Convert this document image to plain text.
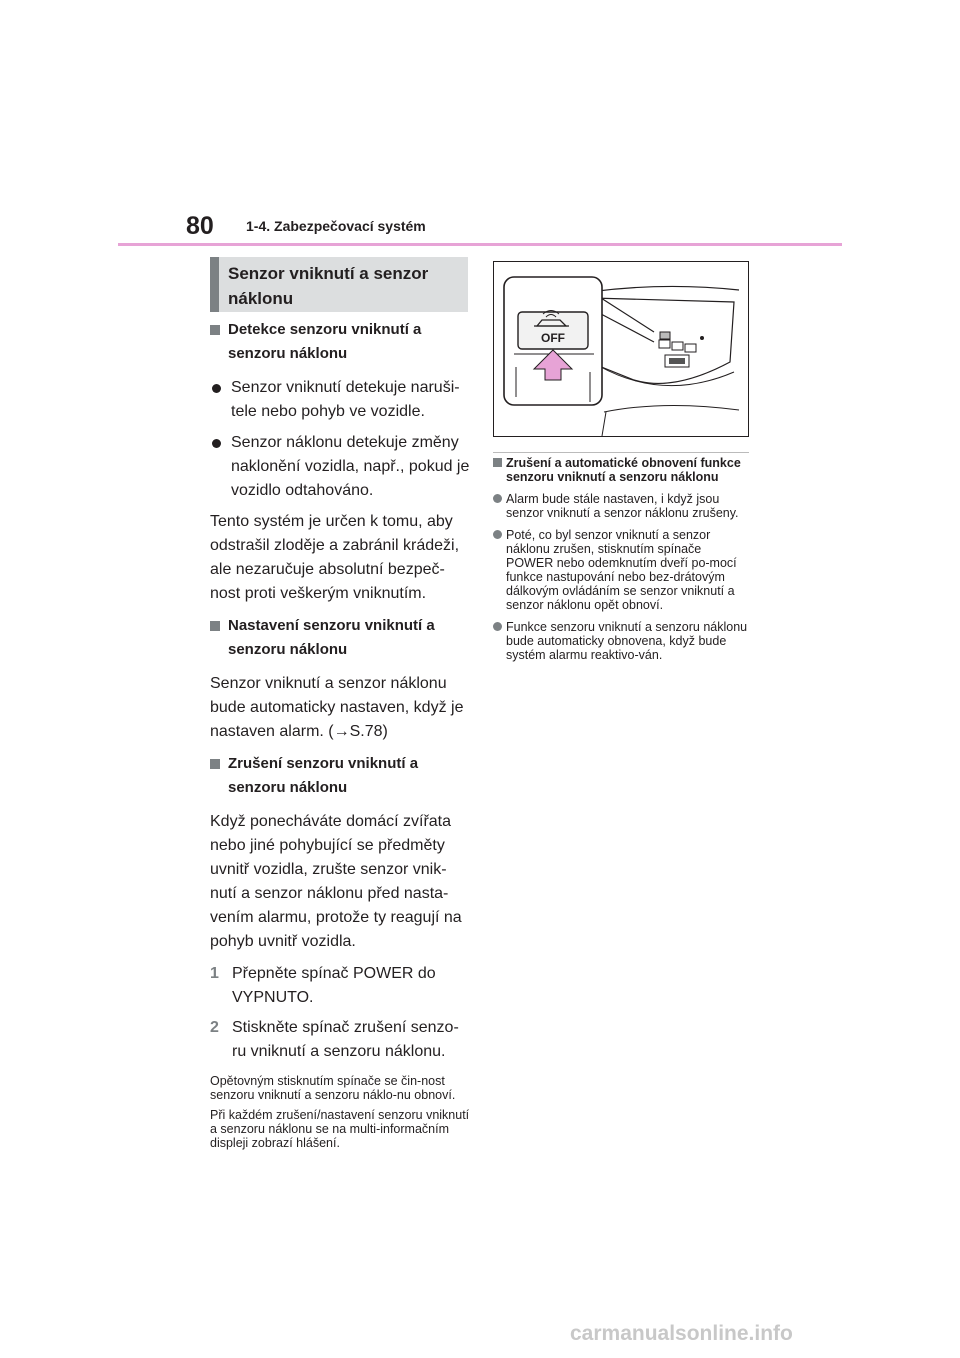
80 1-4. Zabezpečovací systém
Senzor vniknutí a senzor náklonu
Detekce senzoru vniknutí a senzoru náklonu
Senzor vniknutí detekuje naruši-tele nebo pohyb ve vozidle.
Senzor náklonu detekuje změny naklonění vozidla, např., pokud je vozidlo odtahováno.
Tento systém je určen k tomu, aby odstrašil zloděje a zabránil krádeži, ale nezaručuje absolutní bezpeč-nost proti veškerým vniknutím.
Nastavení senzoru vniknutí a senzoru náklonu
Senzor vniknutí a senzor náklonu bude automaticky nastaven, když je nastaven alarm. (→S.78)
Zrušení senzoru vniknutí a senzoru náklonu
Když ponecháváte domácí zvířata nebo jiné pohybující se předměty uvnitř vozidla, zrušte senzor vnik-nutí a senzor náklonu před nasta-vením alarmu, protože ty reagují na pohyb uvnitř vozidla.
1 Přepněte spínač POWER do VYPNUTO.
2 Stiskněte spínač zrušení senzo-ru vniknutí a senzoru náklonu.
Opětovným stisknutím spínače se čin-nost senzoru vniknutí a senzoru náklo-nu obnoví.
Při každém zrušení/nastavení senzoru vniknutí a senzoru náklonu se na multi-informačním displeji zobrazí hlášení.
OFF
Zrušení a automatické obnovení funkce senzoru vniknutí a senzoru náklonu
Alarm bude stále nastaven, i když jsou senzor vniknutí a senzor náklonu zrušeny.
Poté, co byl senzor vniknutí a senzor náklonu zrušen, stisknutím spínače POWER nebo odemknutím dveří po-mocí funkce nastupování nebo bez-drátovým dálkovým ovládáním se senzor vniknutí a senzor náklonu opět obnoví.
Funkce senzoru vniknutí a senzoru náklonu bude automaticky obnovena, když bude systém alarmu reaktivo-ván.
carmanualsonline.info
